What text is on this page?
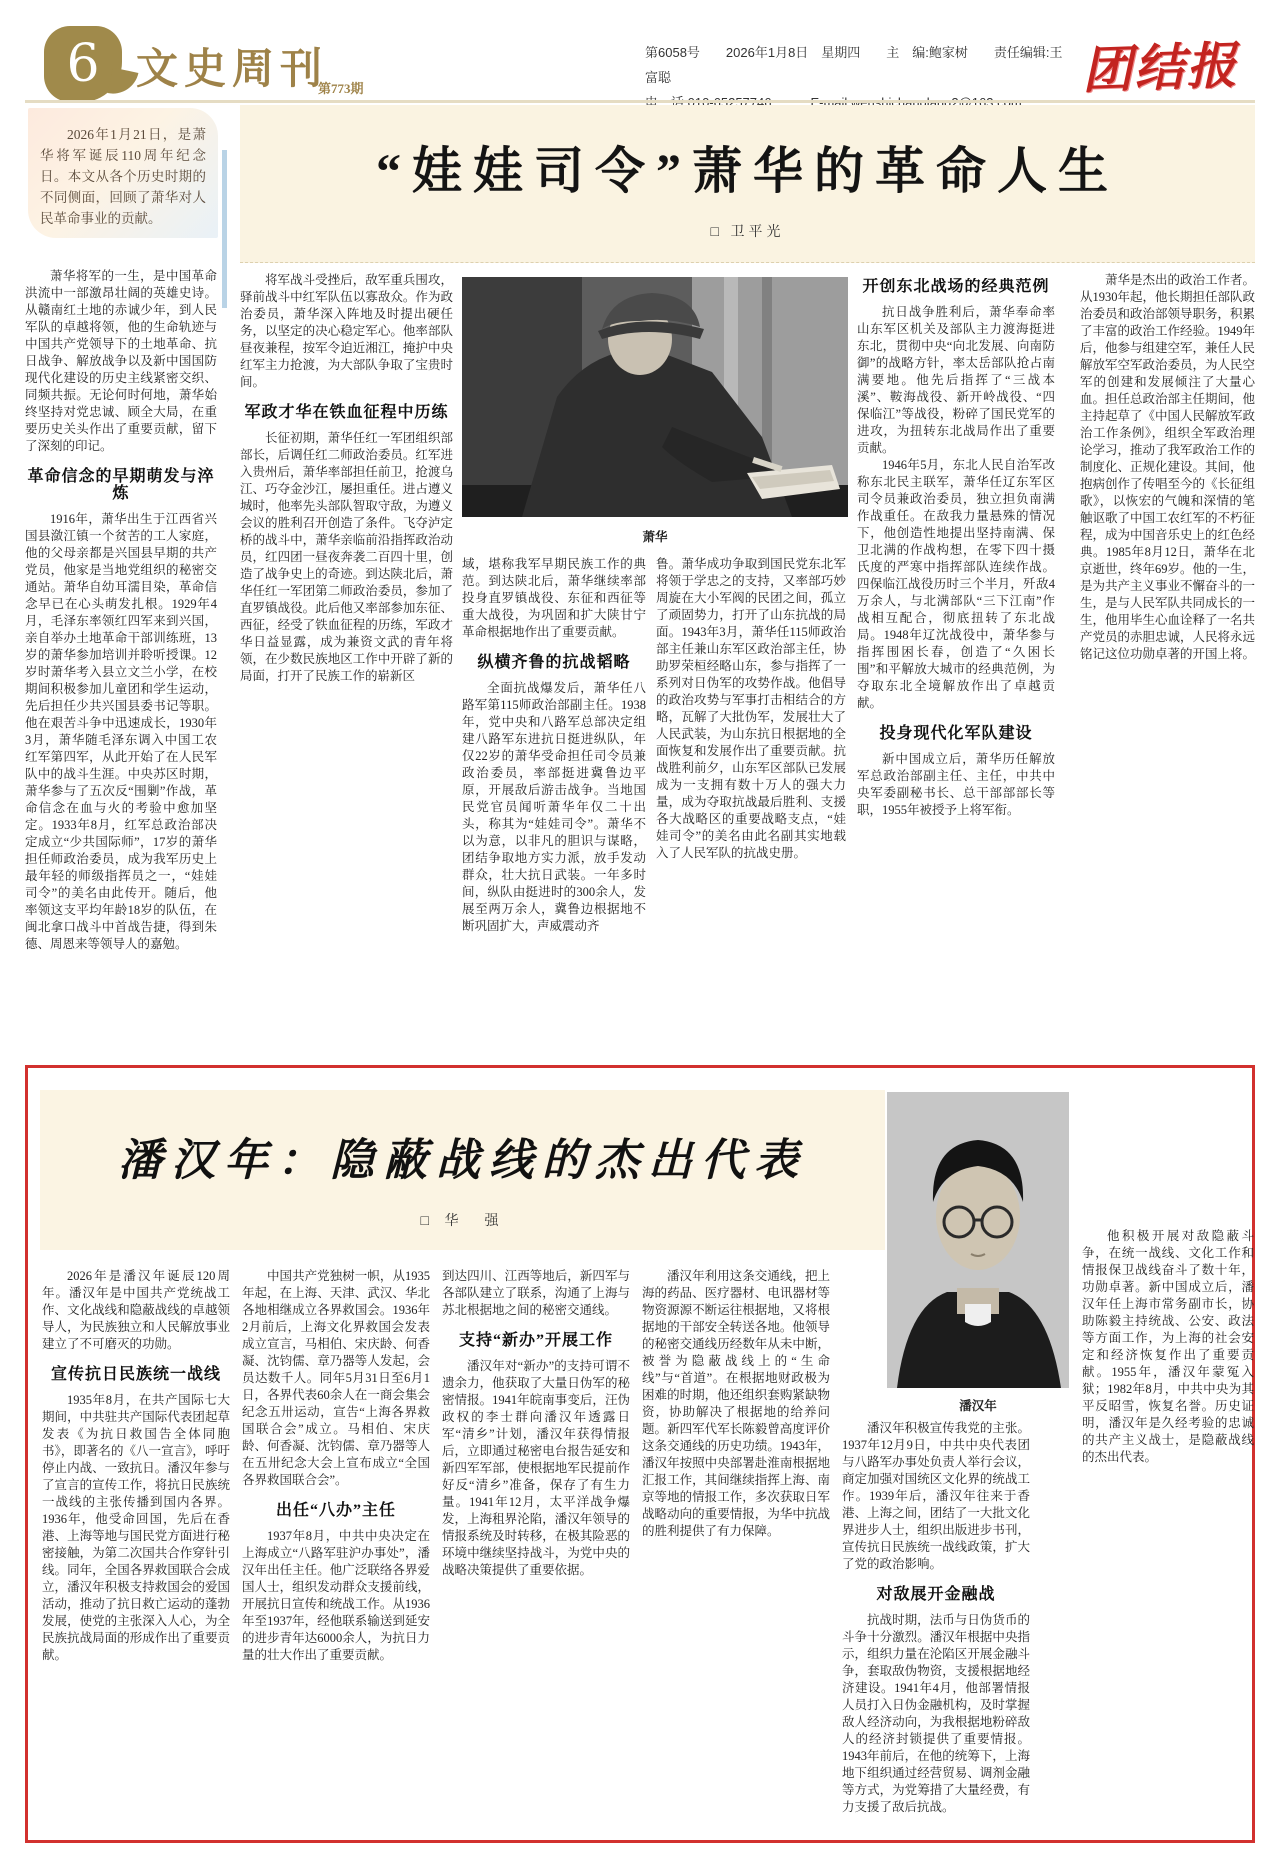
6 文史周刊
第773期
第6058号　　2026年1月8日　星期四　　主　编:鲍家树　　责任编辑:王富聪	团结报

2026年1月21日，是萧华将军诞辰110周年纪念日。本文从各个历史时期的不同侧面，回顾了萧华对人民革命事业的贡献。

“娃娃司令”萧华的革命人生
□ 卫平光
萧华

萧华将军的一生，是中国革命洪流中一部激昂壮阔的英雄史诗。从赣南红土地的赤诚少年，到人民军队的卓越将领，他的生命轨迹与中国共产党领导下的土地革命、抗日战争、解放战争以及新中国国防现代化建设的历史主线紧密交织、同频共振。无论何时何地，萧华始终坚持对党忠诚、顾全大局，在重要历史关头作出了重要贡献，留下了深刻的印记。

革命信念的早期萌发与淬炼

1916年，萧华出生于江西省兴国县潋江镇一个贫苦的工人家庭，他的父母亲都是兴国县早期的共产党员，他家是当地党组织的秘密交通站。萧华自幼耳濡目染，革命信念早已在心头萌发扎根。1929年4月，毛泽东率领红四军来到兴国，亲自举办土地革命干部训练班，13岁的萧华参加培训并聆听授课。12岁时萧华考入县立文兰小学，在校期间积极参加儿童团和学生运动，先后担任少共兴国县委书记等职。他在艰苦斗争中迅速成长，1930年3月，萧华随毛泽东调入中国工农红军第四军，从此开始了在人民军队中的战斗生涯。中央苏区时期，萧华参与了五次反“围剿”作战，革命信念在血与火的考验中愈加坚定。1933年8月，红军总政治部决定成立“少共国际师”，17岁的萧华担任师政治委员，成为我军历史上最年轻的师级指挥员之一，“娃娃司令”的美名由此传开。随后，他率领这支平均年龄18岁的队伍，在闽北拿口战斗中首战告捷，得到朱德、周恩来等领导人的嘉勉。

将军战斗受挫后，敌军重兵围攻，驿前战斗中红军队伍以寡敌众。作为政治委员，萧华深入阵地及时提出硬任务，以坚定的决心稳定军心。他率部队昼夜兼程，按军令迫近湘江，掩护中央红军主力抢渡，为大部队争取了宝贵时间。

军政才华在铁血征程中历练

长征初期，萧华任红一军团组织部部长，后调任红二师政治委员。红军进入贵州后，萧华率部担任前卫，抢渡乌江、巧夺金沙江，屡担重任。进占遵义城时，他率先头部队智取守敌，为遵义会议的胜利召开创造了条件。飞夺泸定桥的战斗中，萧华亲临前沿指挥政治动员，红四团一昼夜奔袭二百四十里，创造了战争史上的奇迹。到达陕北后，萧华任红一军团第二师政治委员，参加了直罗镇战役。此后他又率部参加东征、西征，经受了铁血征程的历练，军政才华日益显露，成为兼资文武的青年将领，在少数民族地区工作中开辟了新的局面，打开了民族工作的崭新区

域，堪称我军早期民族工作的典范。到达陕北后，萧华继续率部投身直罗镇战役、东征和西征等重大战役，为巩固和扩大陕甘宁革命根据地作出了重要贡献。

纵横齐鲁的抗战韬略

全面抗战爆发后，萧华任八路军第115师政治部副主任。1938年，党中央和八路军总部决定组建八路军东进抗日挺进纵队，年仅22岁的萧华受命担任司令员兼政治委员，率部挺进冀鲁边平原，开展敌后游击战争。当地国民党官员闻听萧华年仅二十出头，称其为“娃娃司令”。萧华不以为意，以非凡的胆识与谋略，团结争取地方实力派，放手发动群众，壮大抗日武装。一年多时间，纵队由挺进时的300余人，发展至两万余人，冀鲁边根据地不断巩固扩大，声威震动齐

鲁。萧华成功争取到国民党东北军将领于学忠之的支持，又率部巧妙周旋在大小军阀的民团之间，孤立了顽固势力，打开了山东抗战的局面。1943年3月，萧华任115师政治部主任兼山东军区政治部主任，协助罗荣桓经略山东，参与指挥了一系列对日伪军的攻势作战。他倡导的政治攻势与军事打击相结合的方略，瓦解了大批伪军，发展壮大了人民武装，为山东抗日根据地的全面恢复和发展作出了重要贡献。抗战胜利前夕，山东军区部队已发展成为一支拥有数十万人的强大力量，成为夺取抗战最后胜利、支援各大战略区的重要战略支点，“娃娃司令”的美名由此名副其实地载入了人民军队的抗战史册。

开创东北战场的经典范例

抗日战争胜利后，萧华奉命率山东军区机关及部队主力渡海挺进东北，贯彻中央“向北发展、向南防御”的战略方针，率太岳部队抢占南满要地。他先后指挥了“三战本溪”、鞍海战役、新开岭战役、“四保临江”等战役，粉碎了国民党军的进攻，为扭转东北战局作出了重要贡献。

1946年5月，东北人民自治军改称东北民主联军，萧华任辽东军区司令员兼政治委员，独立担负南满作战重任。在敌我力量悬殊的情况下，他创造性地提出坚持南满、保卫北满的作战构想，在零下四十摄氏度的严寒中指挥部队连续作战。四保临江战役历时三个半月，歼敌4万余人，与北满部队“三下江南”作战相互配合，彻底扭转了东北战局。1948年辽沈战役中，萧华参与指挥围困长春，创造了“久困长围”和平解放大城市的经典范例，为夺取东北全境解放作出了卓越贡献。

投身现代化军队建设

新中国成立后，萧华历任解放军总政治部副主任、主任，中共中央军委副秘书长、总干部部部长等职，1955年被授予上将军衔。

萧华是杰出的政治工作者。从1930年起，他长期担任部队政治委员和政治部领导职务，积累了丰富的政治工作经验。1949年后，他参与组建空军，兼任人民解放军空军政治委员，为人民空军的创建和发展倾注了大量心血。担任总政治部主任期间，他主持起草了《中国人民解放军政治工作条例》，组织全军政治理论学习，推动了我军政治工作的制度化、正规化建设。其间，他抱病创作了传唱至今的《长征组歌》，以恢宏的气魄和深情的笔触讴歌了中国工农红军的不朽征程，成为中国音乐史上的红色经典。1985年8月12日，萧华在北京逝世，终年69岁。他的一生，是为共产主义事业不懈奋斗的一生，是与人民军队共同成长的一生，他用毕生心血诠释了一名共产党员的赤胆忠诚，人民将永远铭记这位功勋卓著的开国上将。

潘汉年：隐蔽战线的杰出代表
□ 华　强
潘汉年

2026年是潘汉年诞辰120周年。潘汉年是中国共产党统战工作、文化战线和隐蔽战线的卓越领导人，为民族独立和人民解放事业建立了不可磨灭的功勋。

宣传抗日民族统一战线

1935年8月，在共产国际七大期间，中共驻共产国际代表团起草发表《为抗日救国告全体同胞书》，即著名的《八一宣言》，呼吁停止内战、一致抗日。潘汉年参与了宣言的宣传工作，将抗日民族统一战线的主张传播到国内各界。1936年，他受命回国，先后在香港、上海等地与国民党方面进行秘密接触，为第二次国共合作穿针引线。同年，全国各界救国联合会成立，潘汉年积极支持救国会的爱国活动，推动了抗日救亡运动的蓬勃发展，使党的主张深入人心，为全民族抗战局面的形成作出了重要贡献。

中国共产党独树一帜，从1935年起，在上海、天津、武汉、华北各地相继成立各界救国会。1936年2月前后，上海文化界救国会发表成立宣言，马相伯、宋庆龄、何香凝、沈钧儒、章乃器等人发起，会员达数千人。同年5月31日至6月1日，各界代表60余人在一商会集会纪念五卅运动，宣告“上海各界救国联合会”成立。马相伯、宋庆龄、何香凝、沈钧儒、章乃器等人在五卅纪念大会上宣布成立“全国各界救国联合会”。

出任“八办”主任

1937年8月，中共中央决定在上海成立“八路军驻沪办事处”，潘汉年出任主任。他广泛联络各界爱国人士，组织发动群众支援前线，开展抗日宣传和统战工作。从1936年至1937年，经他联系输送到延安的进步青年达6000余人，为抗日力量的壮大作出了重要贡献。

到达四川、江西等地后，新四军与各部队建立了联系，沟通了上海与苏北根据地之间的秘密交通线。

支持“新办”开展工作

潘汉年对“新办”的支持可谓不遗余力，他获取了大量日伪军的秘密情报。1941年皖南事变后，汪伪政权的李士群向潘汉年透露日军“清乡”计划，潘汉年获得情报后，立即通过秘密电台报告延安和新四军军部，使根据地军民提前作好反“清乡”准备，保存了有生力量。1941年12月，太平洋战争爆发，上海租界沦陷，潘汉年领导的情报系统及时转移，在极其险恶的环境中继续坚持战斗，为党中央的战略决策提供了重要依据。

潘汉年利用这条交通线，把上海的药品、医疗器材、电讯器材等物资源源不断运往根据地，又将根据地的干部安全转送各地。他领导的秘密交通线历经数年从未中断，被誉为隐蔽战线上的“生命线”与“首道”。在根据地财政极为困难的时期，他还组织套购紧缺物资，协助解决了根据地的给养问题。新四军代军长陈毅曾高度评价这条交通线的历史功绩。1943年，潘汉年按照中央部署赴淮南根据地汇报工作，其间继续指挥上海、南京等地的情报工作，多次获取日军战略动向的重要情报，为华中抗战的胜利提供了有力保障。

潘汉年积极宣传我党的主张。1937年12月9日，中共中央代表团与八路军办事处负责人举行会议，商定加强对国统区文化界的统战工作。1939年后，潘汉年往来于香港、上海之间，团结了一大批文化界进步人士，组织出版进步书刊，宣传抗日民族统一战线政策，扩大了党的政治影响。

对敌展开金融战

抗战时期，法币与日伪货币的斗争十分激烈。潘汉年根据中央指示，组织力量在沦陷区开展金融斗争，套取敌伪物资，支援根据地经济建设。1941年4月，他部署情报人员打入日伪金融机构，及时掌握敌人经济动向，为我根据地粉碎敌人的经济封锁提供了重要情报。1943年前后，在他的统筹下，上海地下组织通过经营贸易、调剂金融等方式，为党筹措了大量经费，有力支援了敌后抗战。

他积极开展对敌隐蔽斗争，在统一战线、文化工作和情报保卫战线奋斗了数十年，功勋卓著。新中国成立后，潘汉年任上海市常务副市长，协助陈毅主持统战、公安、政法等方面工作，为上海的社会安定和经济恢复作出了重要贡献。1955年，潘汉年蒙冤入狱；1982年8月，中共中央为其平反昭雪，恢复名誉。历史证明，潘汉年是久经考验的忠诚的共产主义战士，是隐蔽战线的杰出代表。
